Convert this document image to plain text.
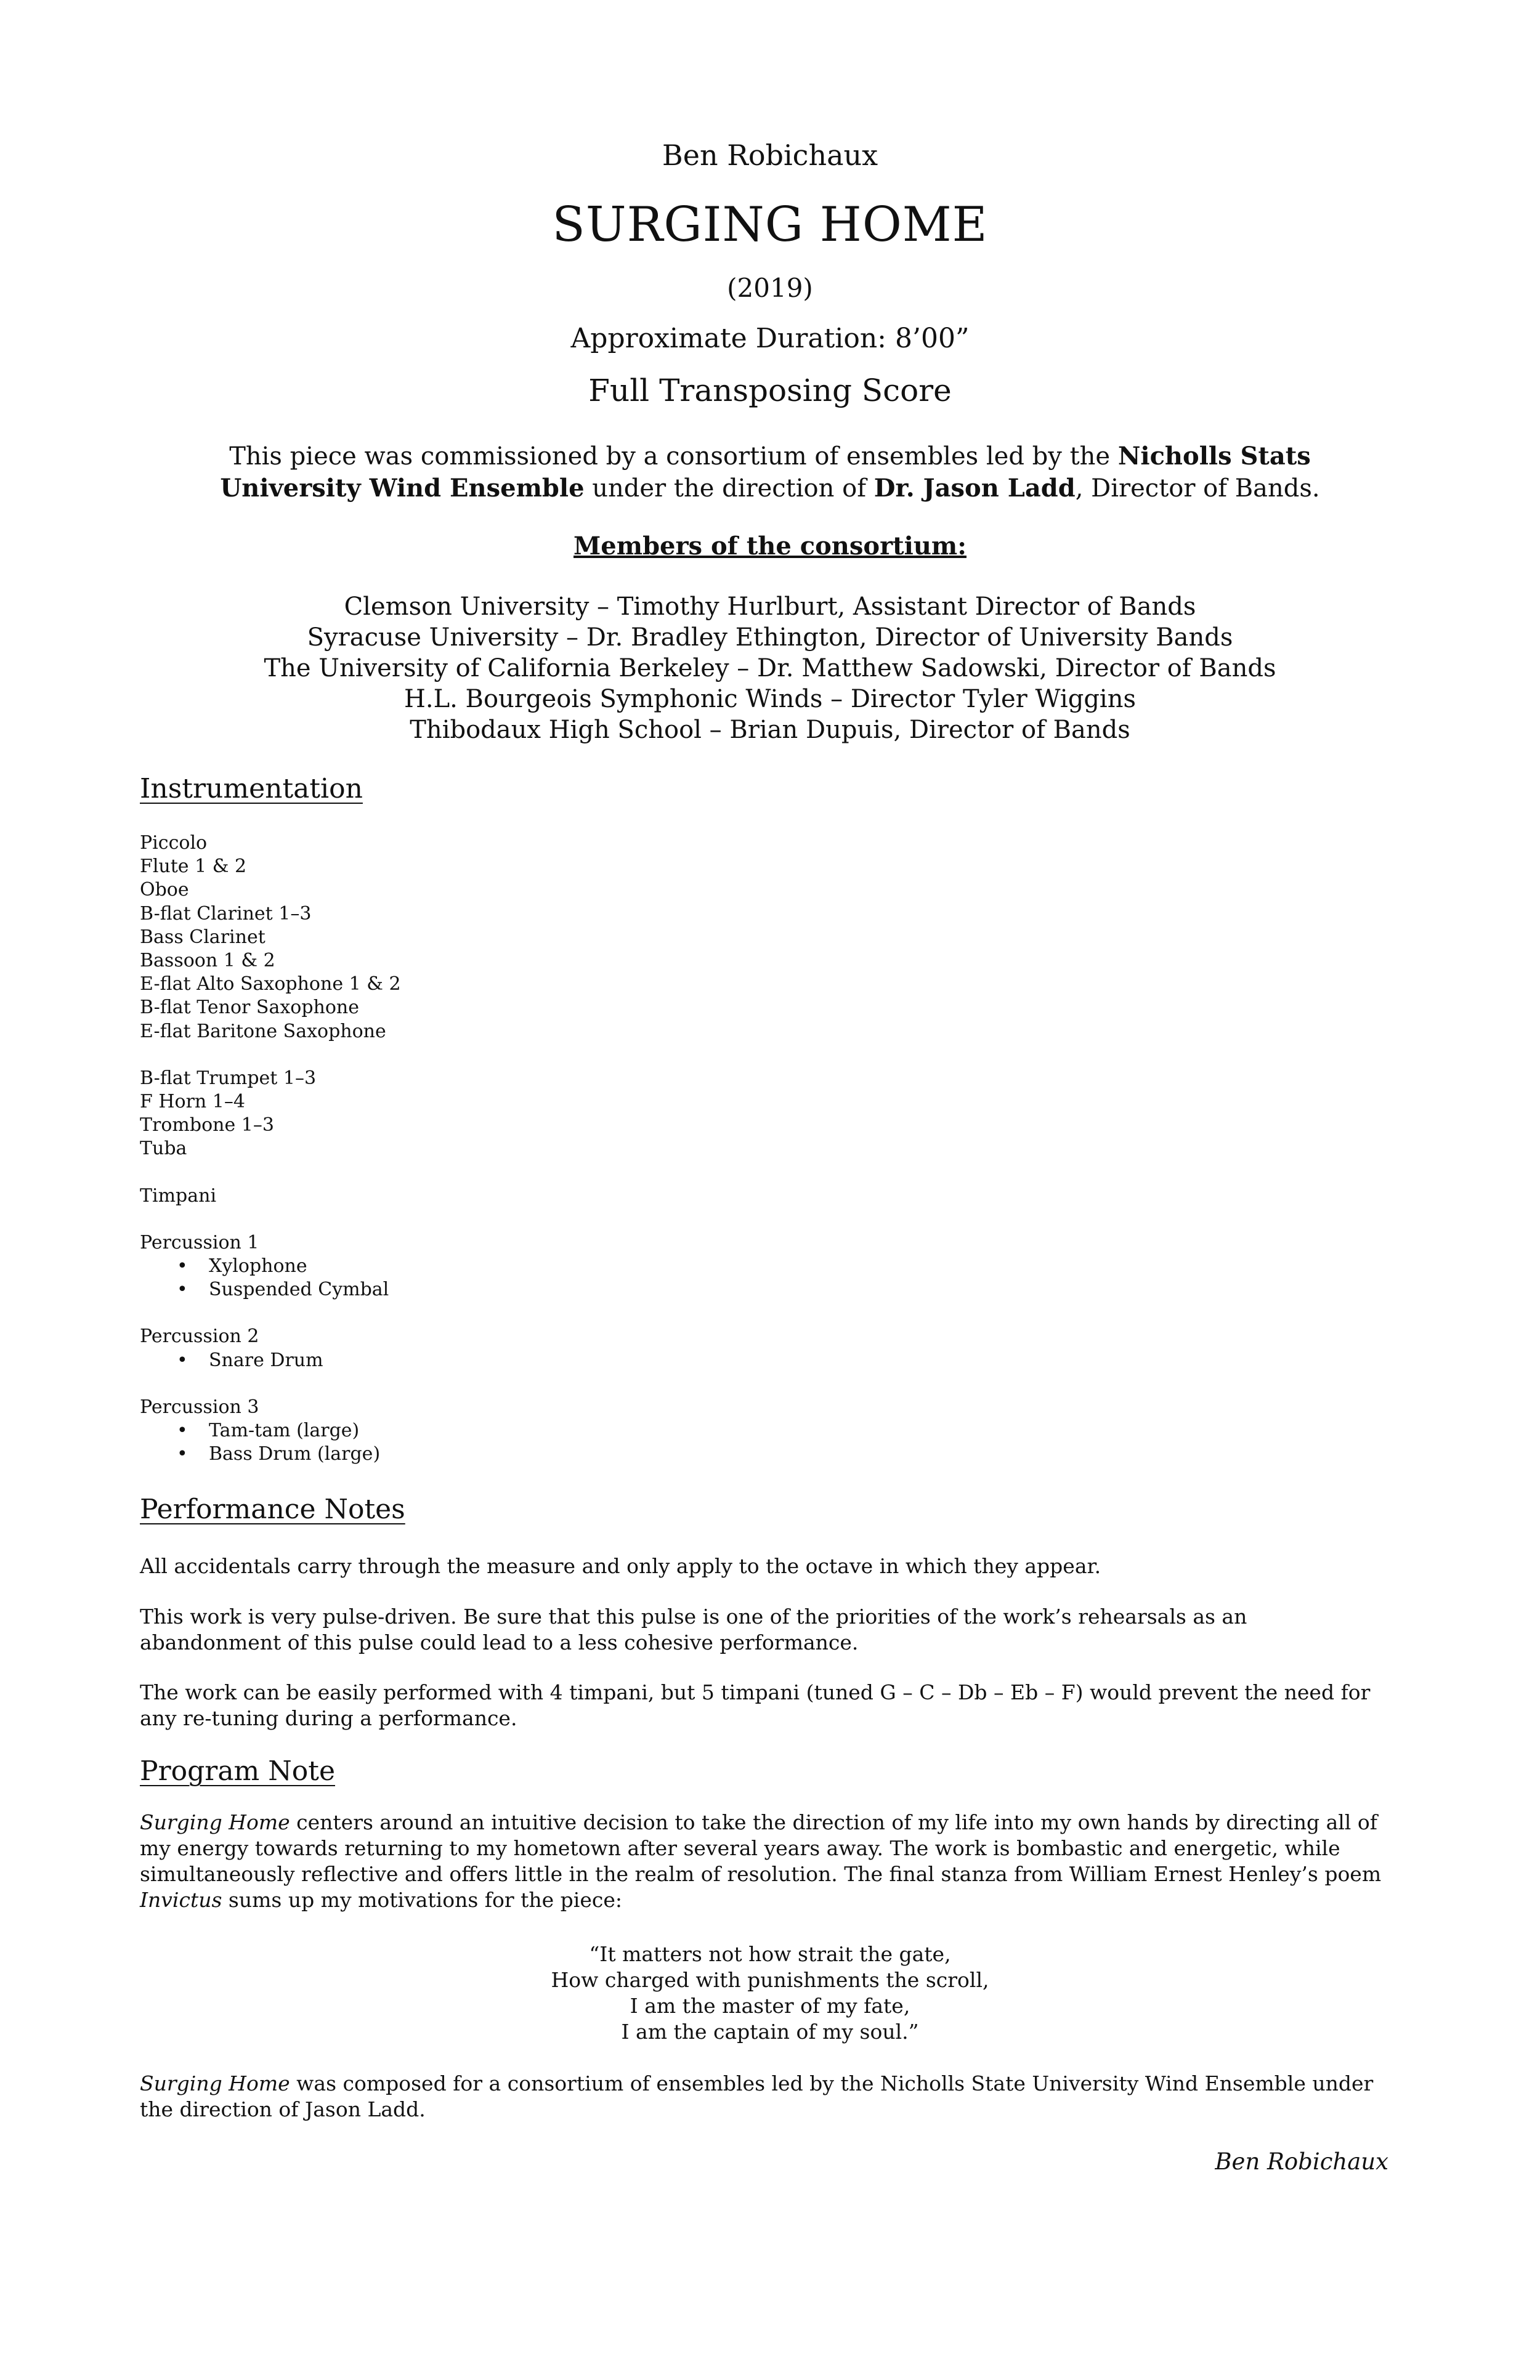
Ben Robichaux
SURGING HOME
(2019)
Approximate Duration: 8’00”
Full Transposing Score
This piece was commissioned by a consortium of ensembles led by the Nicholls Stats University Wind Ensemble under the direction of Dr. Jason Ladd, Director of Bands.
Members of the consortium:
Clemson University – Timothy Hurlburt, Assistant Director of Bands
Syracuse University – Dr. Bradley Ethington, Director of University Bands
The University of California Berkeley – Dr. Matthew Sadowski, Director of Bands
H.L. Bourgeois Symphonic Winds – Director Tyler Wiggins
Thibodaux High School – Brian Dupuis, Director of Bands
Instrumentation
Piccolo
Flute 1 & 2
Oboe
B-flat Clarinet 1–3
Bass Clarinet
Bassoon 1 & 2
E-flat Alto Saxophone 1 & 2
B-flat Tenor Saxophone
E-flat Baritone Saxophone
B-flat Trumpet 1–3
F Horn 1–4
Trombone 1–3
Tuba
Timpani
Percussion 1
• Xylophone
• Suspended Cymbal
Percussion 2
• Snare Drum
Percussion 3
• Tam-tam (large)
• Bass Drum (large)
Performance Notes
All accidentals carry through the measure and only apply to the octave in which they appear.
This work is very pulse-driven. Be sure that this pulse is one of the priorities of the work’s rehearsals as an abandonment of this pulse could lead to a less cohesive performance.
The work can be easily performed with 4 timpani, but 5 timpani (tuned G – C – Db – Eb – F) would prevent the need for any re-tuning during a performance.
Program Note
Surging Home centers around an intuitive decision to take the direction of my life into my own hands by directing all of my energy towards returning to my hometown after several years away. The work is bombastic and energetic, while simultaneously reflective and offers little in the realm of resolution. The final stanza from William Ernest Henley’s poem Invictus sums up my motivations for the piece:
“It matters not how strait the gate,
How charged with punishments the scroll,
I am the master of my fate,
I am the captain of my soul.”
Surging Home was composed for a consortium of ensembles led by the Nicholls State University Wind Ensemble under the direction of Jason Ladd.
Ben Robichaux
